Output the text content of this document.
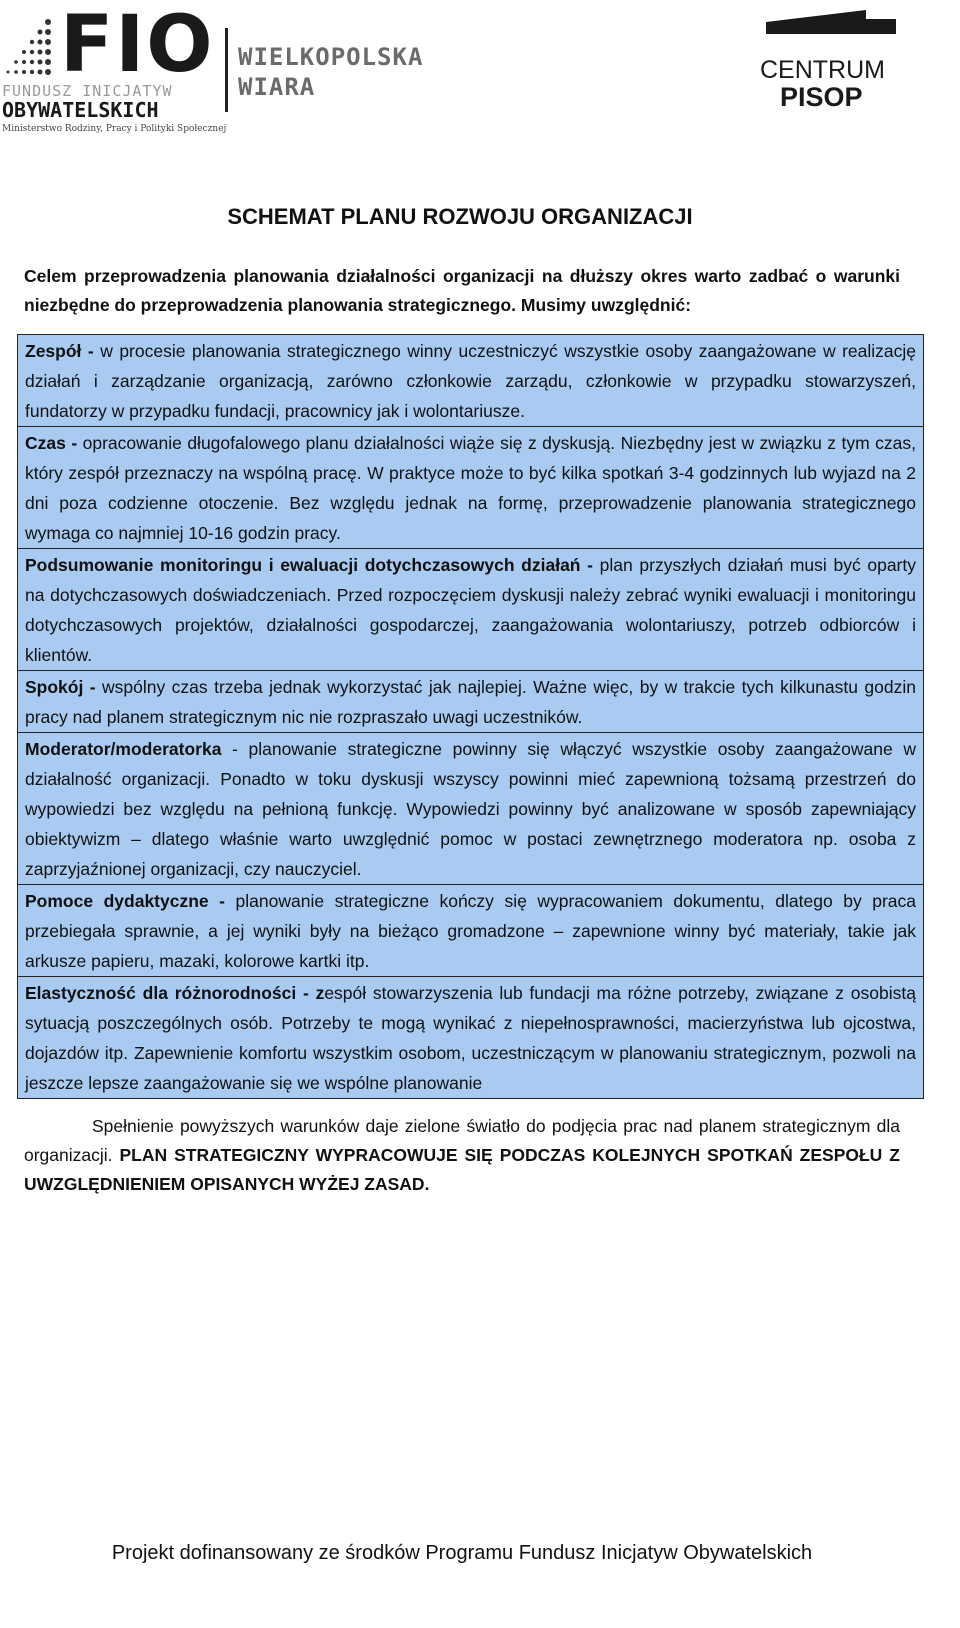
FIO
FUNDUSZ INICJATYW
OBYWATELSKICH
Ministerstwo Rodziny, Pracy i Polityki Społecznej
WIELKOPOLSKA
WIARA
CENTRUM
PISOP
SCHEMAT PLANU ROZWOJU ORGANIZACJI
Celem przeprowadzenia planowania działalności organizacji na dłuższy okres warto zadbać o warunki niezbędne do przeprowadzenia planowania strategicznego. Musimy uwzględnić:
Zespół - w procesie planowania strategicznego winny uczestniczyć wszystkie osoby zaangażowane w realizację działań i zarządzanie organizacją, zarówno członkowie zarządu, członkowie w przypadku stowarzyszeń, fundatorzy w przypadku fundacji, pracownicy jak i wolontariusze.
Czas - opracowanie długofalowego planu działalności wiąże się z dyskusją. Niezbędny jest w związku z tym czas, który zespół przeznaczy na wspólną pracę. W praktyce może to być kilka spotkań 3-4 godzinnych lub wyjazd na 2 dni poza codzienne otoczenie. Bez względu jednak na formę, przeprowadzenie planowania strategicznego wymaga co najmniej 10-16 godzin pracy.
Podsumowanie monitoringu i ewaluacji dotychczasowych działań - plan przyszłych działań musi być oparty na dotychczasowych doświadczeniach. Przed rozpoczęciem dyskusji należy zebrać wyniki ewaluacji i monitoringu dotychczasowych projektów, działalności gospodarczej, zaangażowania wolontariuszy, potrzeb odbiorców i klientów.
Spokój - wspólny czas trzeba jednak wykorzystać jak najlepiej. Ważne więc, by w trakcie tych kilkunastu godzin pracy nad planem strategicznym nic nie rozpraszało uwagi uczestników.
Moderator/moderatorka - planowanie strategiczne powinny się włączyć wszystkie osoby zaangażowane w działalność organizacji. Ponadto w toku dyskusji wszyscy powinni mieć zapewnioną tożsamą przestrzeń do wypowiedzi bez względu na pełnioną funkcję. Wypowiedzi powinny być analizowane w sposób zapewniający obiektywizm – dlatego właśnie warto uwzględnić pomoc w postaci zewnętrznego moderatora np. osoba z zaprzyjaźnionej organizacji, czy nauczyciel.
Pomoce dydaktyczne - planowanie strategiczne kończy się wypracowaniem dokumentu, dlatego by praca przebiegała sprawnie, a jej wyniki były na bieżąco gromadzone – zapewnione winny być materiały, takie jak arkusze papieru, mazaki, kolorowe kartki itp.
Elastyczność dla różnorodności - zespół stowarzyszenia lub fundacji ma różne potrzeby, związane z osobistą sytuacją poszczególnych osób. Potrzeby te mogą wynikać z niepełnosprawności, macierzyństwa lub ojcostwa, dojazdów itp. Zapewnienie komfortu wszystkim osobom, uczestniczącym w planowaniu strategicznym, pozwoli na jeszcze lepsze zaangażowanie się we wspólne planowanie
Spełnienie powyższych warunków daje zielone światło do podjęcia prac nad planem strategicznym dla organizacji. PLAN STRATEGICZNY WYPRACOWUJE SIĘ PODCZAS KOLEJNYCH SPOTKAŃ ZESPOŁU Z UWZGLĘDNIENIEM OPISANYCH WYŻEJ ZASAD.
Projekt dofinansowany ze środków Programu Fundusz Inicjatyw Obywatelskich
